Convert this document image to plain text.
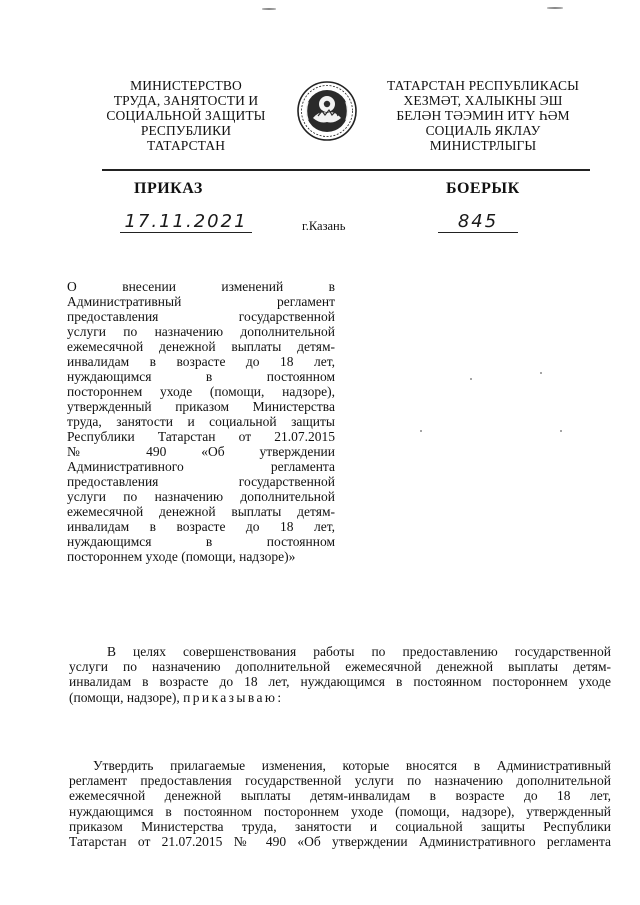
МИНИСТЕРСТВО
ТРУДА, ЗАНЯТОСТИ И
СОЦИАЛЬНОЙ ЗАЩИТЫ
РЕСПУБЛИКИ
ТАТАРСТАН
ТАТАРСТАН РЕСПУБЛИКАСЫ
ХЕЗМӘТ, ХАЛЫКНЫ ЭШ
БЕЛӘН ТӘЭМИН ИТҮ ҺӘМ
СОЦИАЛЬ ЯКЛАУ
МИНИСТРЛЫГЫ
ПРИКАЗ	БОЕРЫК
17.11.2021	г.Казань	845
О внесении изменений в
Административный регламент
предоставления государственной
услуги по назначению дополнительной
ежемесячной денежной выплаты детям-
инвалидам в возрасте до 18 лет,
нуждающимся в постоянном
постороннем уходе (помощи, надзоре),
утвержденный приказом Министерства
труда, занятости и социальной защиты
Республики Татарстан от 21.07.2015
№ 490 «Об утверждении
Административного регламента
предоставления государственной
услуги по назначению дополнительной
ежемесячной денежной выплаты детям-
инвалидам в возрасте до 18 лет,
нуждающимся в постоянном
постороннем уходе (помощи, надзоре)»
В целях совершенствования работы по предоставлению государственной
услуги по назначению дополнительной ежемесячной денежной выплаты детям-
инвалидам в возрасте до 18 лет, нуждающимся в постоянном постороннем уходе
(помощи, надзоре), приказываю:
Утвердить прилагаемые изменения, которые вносятся в Административный
регламент предоставления государственной услуги по назначению дополнительной
ежемесячной денежной выплаты детям-инвалидам в возрасте до 18 лет,
нуждающимся в постоянном постороннем уходе (помощи, надзоре), утвержденный
приказом Министерства труда, занятости и социальной защиты Республики
Татарстан от 21.07.2015 № 490 «Об утверждении Административного регламента
